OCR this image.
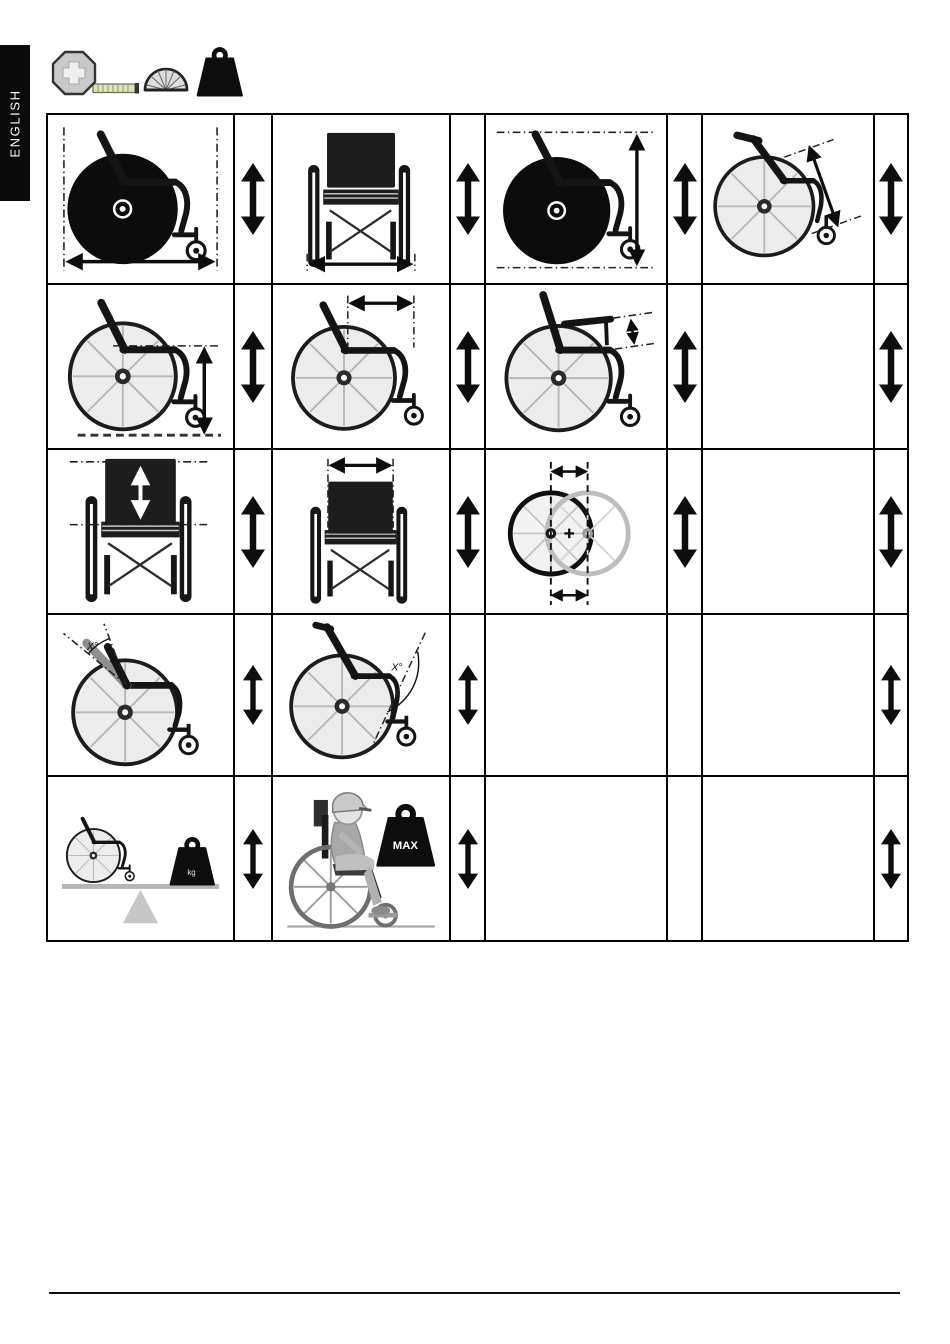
ENGLISH
X°
X°
kg
MAX
